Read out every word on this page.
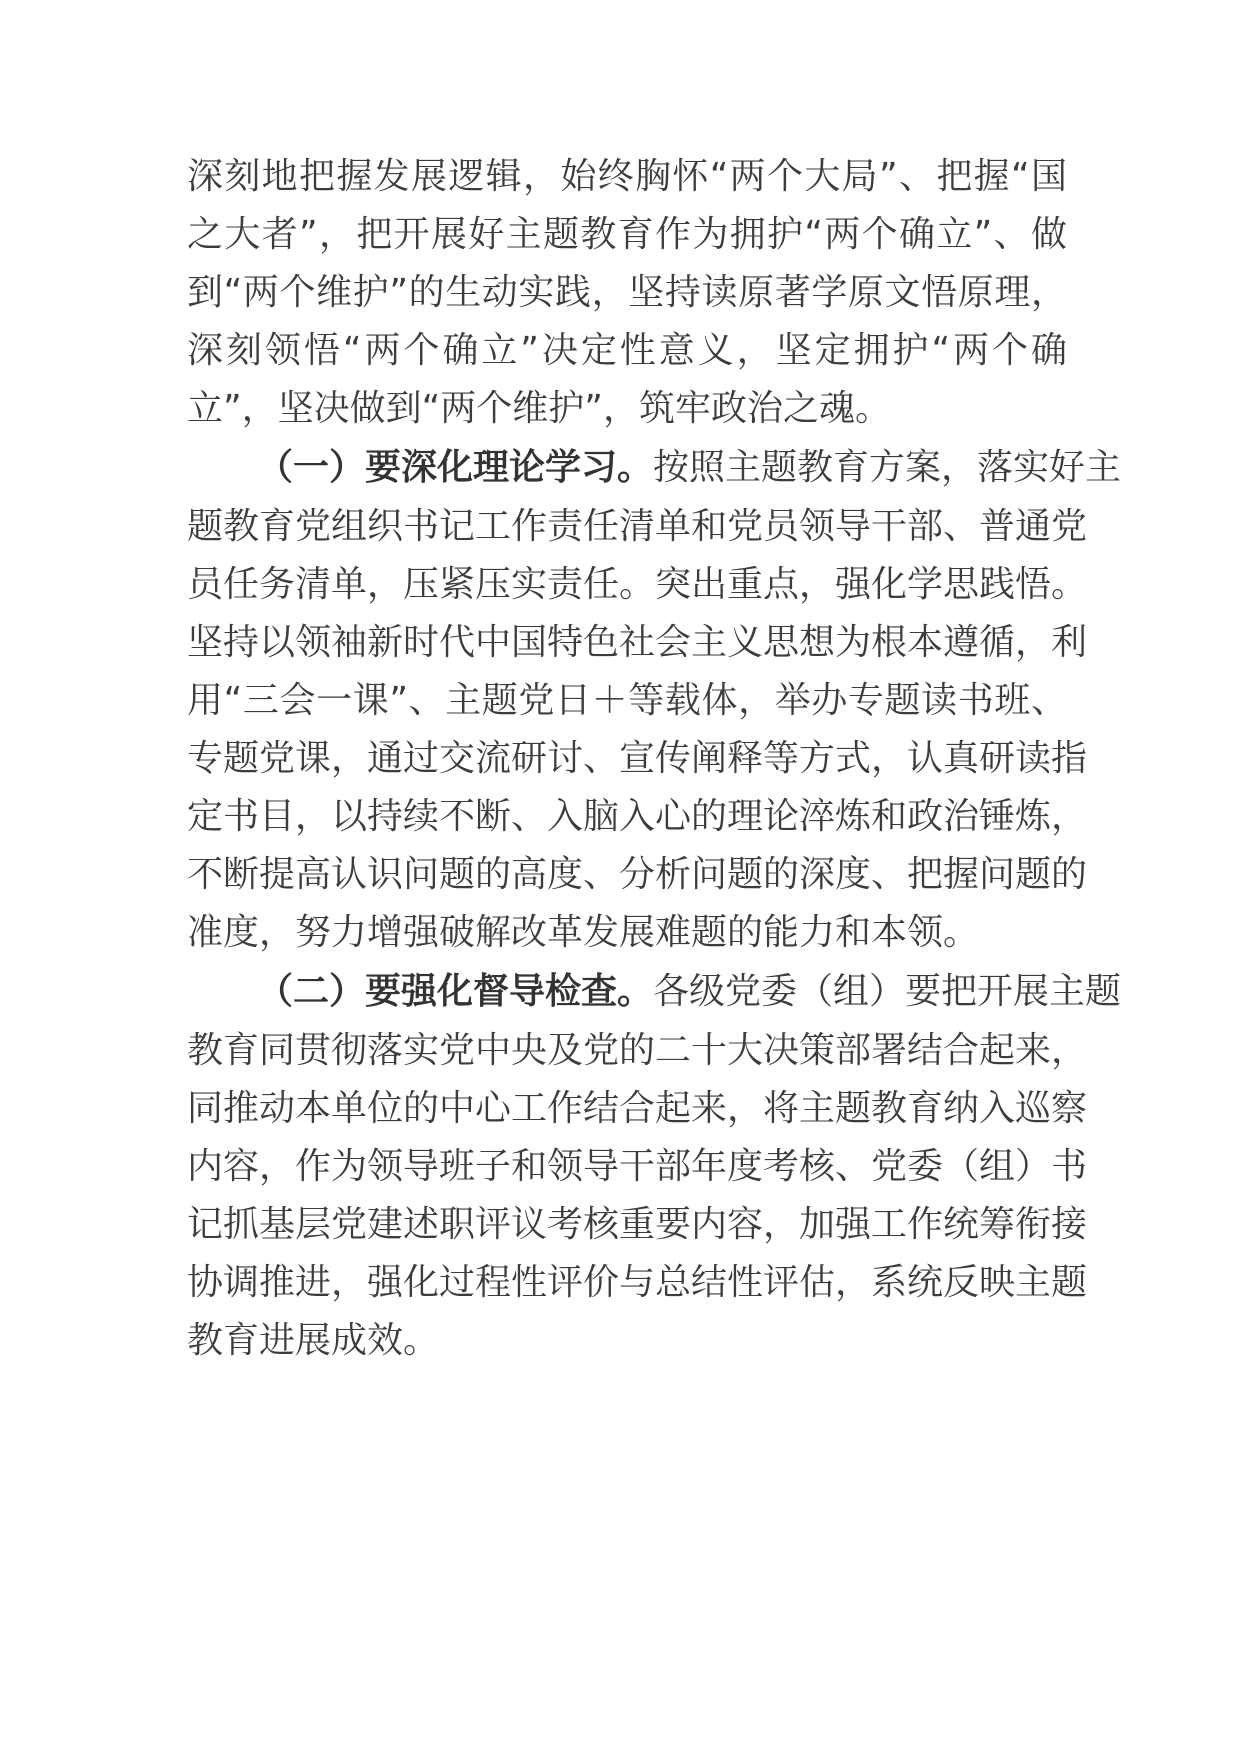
深刻地把握发展逻辑，始终胸怀“两个大局”、把握“国
之大者”，把开展好主题教育作为拥护“两个确立”、做
到“两个维护”的生动实践，坚持读原著学原文悟原理，
深刻领悟“两个确立”决定性意义，坚定拥护“两个确
立”，坚决做到“两个维护”，筑牢政治之魂。
（一）要深化理论学习。按照主题教育方案，落实好主
题教育党组织书记工作责任清单和党员领导干部、普通党
员任务清单，压紧压实责任。突出重点，强化学思践悟。
坚持以领袖新时代中国特色社会主义思想为根本遵循，利
用“三会一课”、主题党日＋等载体，举办专题读书班、
专题党课，通过交流研讨、宣传阐释等方式，认真研读指
定书目，以持续不断、入脑入心的理论淬炼和政治锤炼，
不断提高认识问题的高度、分析问题的深度、把握问题的
准度，努力增强破解改革发展难题的能力和本领。
（二）要强化督导检查。各级党委（组）要把开展主题
教育同贯彻落实党中央及党的二十大决策部署结合起来，
同推动本单位的中心工作结合起来，将主题教育纳入巡察
内容，作为领导班子和领导干部年度考核、党委（组）书
记抓基层党建述职评议考核重要内容，加强工作统筹衔接
协调推进，强化过程性评价与总结性评估，系统反映主题
教育进展成效。
